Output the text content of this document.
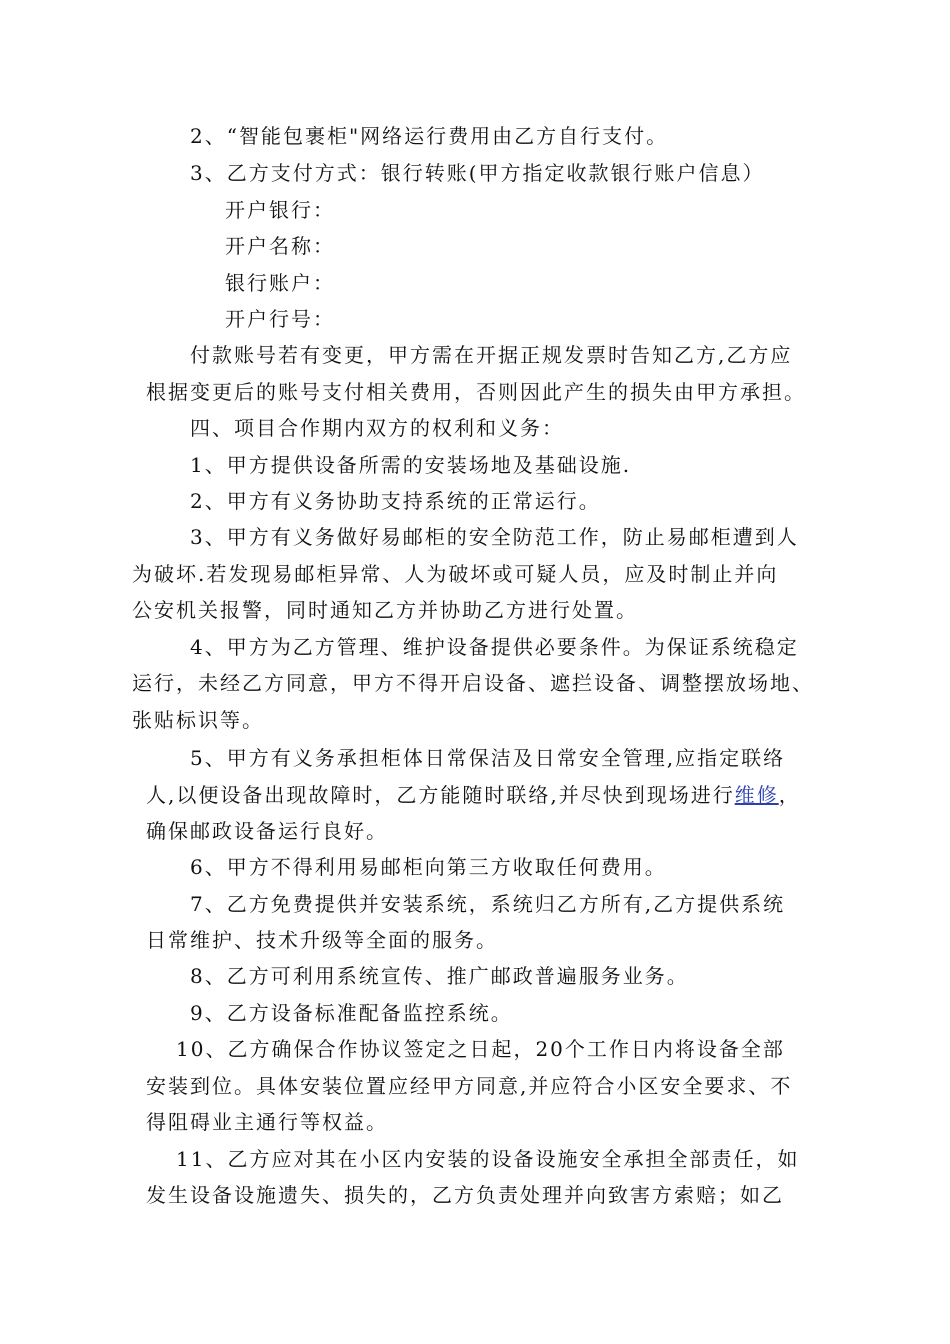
2、“智能包裹柜"网络运行费用由乙方自行支付。
3、乙方支付方式：银行转账(甲方指定收款银行账户信息）
开户银行：
开户名称：
银行账户：
开户行号：
付款账号若有变更，甲方需在开据正规发票时告知乙方,乙方应
根据变更后的账号支付相关费用，否则因此产生的损失由甲方承担。
四、项目合作期内双方的权利和义务：
1、甲方提供设备所需的安装场地及基础设施.
2、甲方有义务协助支持系统的正常运行。
3、甲方有义务做好易邮柜的安全防范工作，防止易邮柜遭到人
为破坏.若发现易邮柜异常、人为破坏或可疑人员，应及时制止并向
公安机关报警，同时通知乙方并协助乙方进行处置。
4、甲方为乙方管理、维护设备提供必要条件。为保证系统稳定
运行，未经乙方同意，甲方不得开启设备、遮拦设备、调整摆放场地、
张贴标识等。
5、甲方有义务承担柜体日常保洁及日常安全管理,应指定联络
人,以便设备出现故障时，乙方能随时联络,并尽快到现场进行维修，
确保邮政设备运行良好。
6、甲方不得利用易邮柜向第三方收取任何费用。
7、乙方免费提供并安装系统，系统归乙方所有,乙方提供系统
日常维护、技术升级等全面的服务。
8、乙方可利用系统宣传、推广邮政普遍服务业务。
9、乙方设备标准配备监控系统。
10、乙方确保合作协议签定之日起，20个工作日内将设备全部
安装到位。具体安装位置应经甲方同意,并应符合小区安全要求、不
得阻碍业主通行等权益。
11、乙方应对其在小区内安装的设备设施安全承担全部责任，如
发生设备设施遗失、损失的，乙方负责处理并向致害方索赔；如乙
